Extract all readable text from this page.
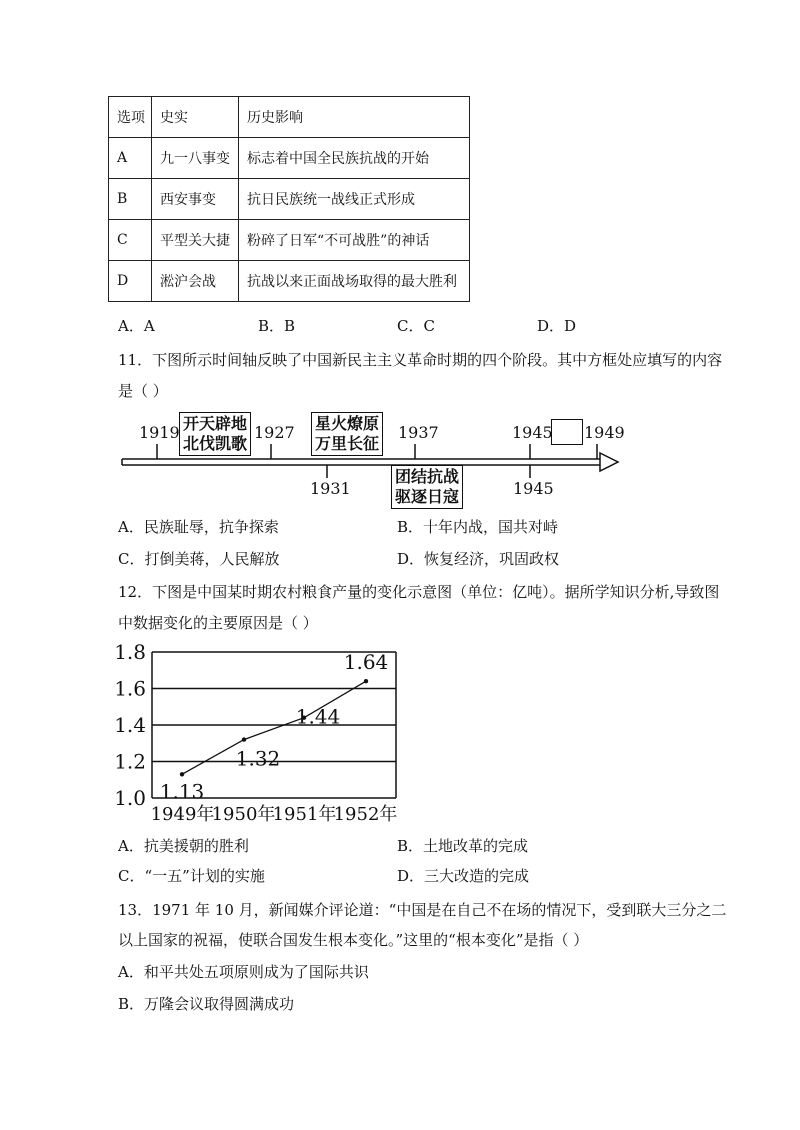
选项	史实	历史影响
A	九一八事变	标志着中国全民族抗战的开始
B	西安事变	抗日民族统一战线正式形成
C	平型关大捷	粉碎了日军“不可战胜”的神话
D	淞沪会战	抗战以来正面战场取得的最大胜利
A．A	B．B	C．C	D．D
11．下图所示时间轴反映了中国新民主主义革命时期的四个阶段。其中方框处应填写的内容
是（ ）
1919	1927	1937	1945 1949
1931	1945
开天辟地
北伐凯歌
星火燎原
万里长征
团结抗战
驱逐日寇
A．民族耻辱，抗争探索	B．十年内战，国共对峙
C．打倒美蒋，人民解放	D．恢复经济，巩固政权
12．下图是中国某时期农村粮食产量的变化示意图（单位：亿吨）。据所学知识分析,导致图
中数据变化的主要原因是（ ）
1.0
1.2
1.4
1.6
1.8
1949年
1950年
1951年
1952年
1.13
1.32
1.44
1.64
A．抗美援朝的胜利	B．土地改革的完成
C．“一五”计划的实施	D．三大改造的完成
13．1971 年 10 月，新闻媒介评论道：“中国是在自己不在场的情况下，受到联大三分之二
以上国家的祝福，使联合国发生根本变化。”这里的“根本变化”是指（ ）
A．和平共处五项原则成为了国际共识
B．万隆会议取得圆满成功
